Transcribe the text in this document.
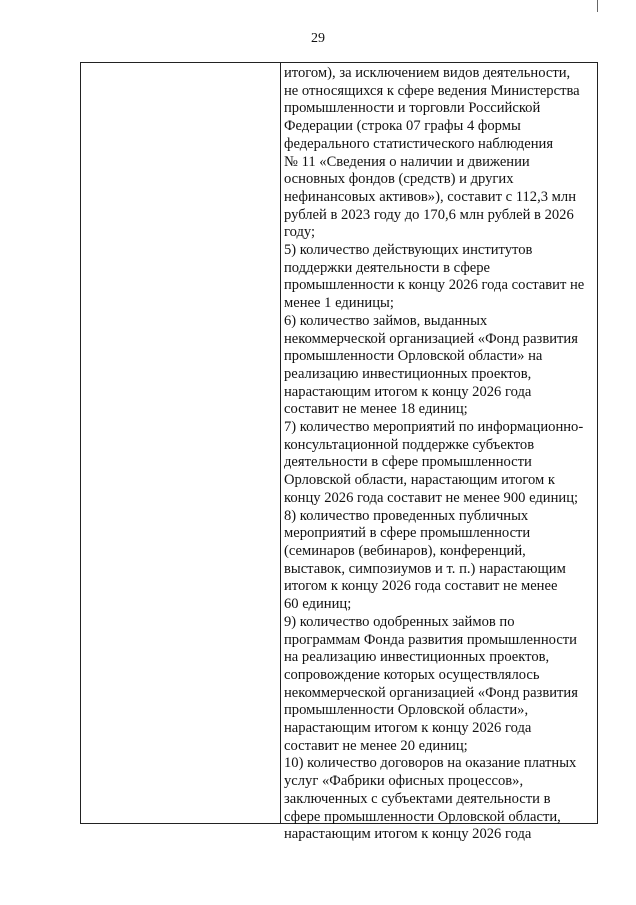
29
итогом), за исключением видов деятельности,
не относящихся к сфере ведения Министерства
промышленности и торговли Российской
Федерации (строка 07 графы 4 формы
федерального статистического наблюдения
№ 11 «Сведения о наличии и движении
основных фондов (средств) и других
нефинансовых активов»), составит с 112,3 млн
рублей в 2023 году до 170,6 млн рублей в 2026
году;
5) количество действующих институтов
поддержки деятельности в сфере
промышленности к концу 2026 года составит не
менее 1 единицы;
6) количество займов, выданных
некоммерческой организацией «Фонд развития
промышленности Орловской области» на
реализацию инвестиционных проектов,
нарастающим итогом к концу 2026 года
составит не менее 18 единиц;
7) количество мероприятий по информационно-
консультационной поддержке субъектов
деятельности в сфере промышленности
Орловской области, нарастающим итогом к
концу 2026 года составит не менее 900 единиц;
8) количество проведенных публичных
мероприятий в сфере промышленности
(семинаров (вебинаров), конференций,
выставок, симпозиумов и т. п.) нарастающим
итогом к концу 2026 года составит не менее
60 единиц;
9) количество одобренных займов по
программам Фонда развития промышленности
на реализацию инвестиционных проектов,
сопровождение которых осуществлялось
некоммерческой организацией «Фонд развития
промышленности Орловской области»,
нарастающим итогом к концу 2026 года
составит не менее 20 единиц;
10) количество договоров на оказание платных
услуг «Фабрики офисных процессов»,
заключенных с субъектами деятельности в
сфере промышленности Орловской области,
нарастающим итогом к концу 2026 года
